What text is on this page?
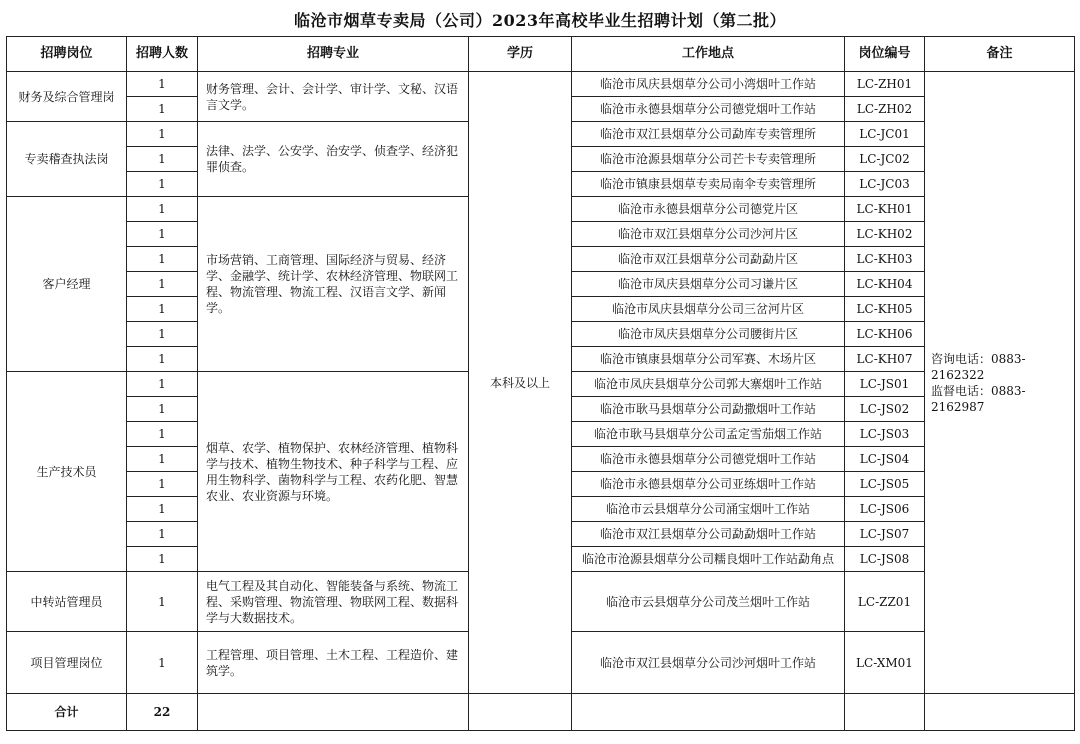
临沧市烟草专卖局（公司）2023年高校毕业生招聘计划（第二批）
招聘岗位	招聘人数	招聘专业	学历	工作地点	岗位编号	备注
财务及综合管理岗	1	财务管理、会计、会计学、审计学、文秘、汉语言文学。	本科及以上	临沧市凤庆县烟草分公司小湾烟叶工作站	LC-ZH01	咨询电话：0883-2162322
监督电话：0883-2162987
	1			临沧市永德县烟草分公司德党烟叶工作站	LC-ZH02	
专卖稽查执法岗	1	法律、法学、公安学、治安学、侦查学、经济犯罪侦查。		临沧市双江县烟草分公司勐库专卖管理所	LC-JC01	
	1			临沧市沧源县烟草分公司芒卡专卖管理所	LC-JC02	
	1			临沧市镇康县烟草专卖局南伞专卖管理所	LC-JC03	
客户经理	1	市场营销、工商管理、国际经济与贸易、经济学、金融学、统计学、农林经济管理、物联网工程、物流管理、物流工程、汉语言文学、新闻学。		临沧市永德县烟草分公司德党片区	LC-KH01	
	1			临沧市双江县烟草分公司沙河片区	LC-KH02	
	1			临沧市双江县烟草分公司勐勐片区	LC-KH03	
	1			临沧市凤庆县烟草分公司习谦片区	LC-KH04	
	1			临沧市凤庆县烟草分公司三岔河片区	LC-KH05	
	1			临沧市凤庆县烟草分公司腰街片区	LC-KH06	
	1			临沧市镇康县烟草分公司军赛、木场片区	LC-KH07	
生产技术员	1	烟草、农学、植物保护、农林经济管理、植物科学与技术、植物生物技术、种子科学与工程、应用生物科学、菌物科学与工程、农药化肥、智慧农业、农业资源与环境。		临沧市凤庆县烟草分公司郭大寨烟叶工作站	LC-JS01	
	1			临沧市耿马县烟草分公司勐撒烟叶工作站	LC-JS02	
	1			临沧市耿马县烟草分公司孟定雪茄烟工作站	LC-JS03	
	1			临沧市永德县烟草分公司德党烟叶工作站	LC-JS04	
	1			临沧市永德县烟草分公司亚练烟叶工作站	LC-JS05	
	1			临沧市云县烟草分公司涌宝烟叶工作站	LC-JS06	
	1			临沧市双江县烟草分公司勐勐烟叶工作站	LC-JS07	
	1			临沧市沧源县烟草分公司糯良烟叶工作站勐角点	LC-JS08	
中转站管理员	1	电气工程及其自动化、智能装备与系统、物流工程、采购管理、物流管理、物联网工程、数据科学与大数据技术。		临沧市云县烟草分公司茂兰烟叶工作站	LC-ZZ01	
项目管理岗位	1	工程管理、项目管理、土木工程、工程造价、建筑学。		临沧市双江县烟草分公司沙河烟叶工作站	LC-XM01	
合计	22					
